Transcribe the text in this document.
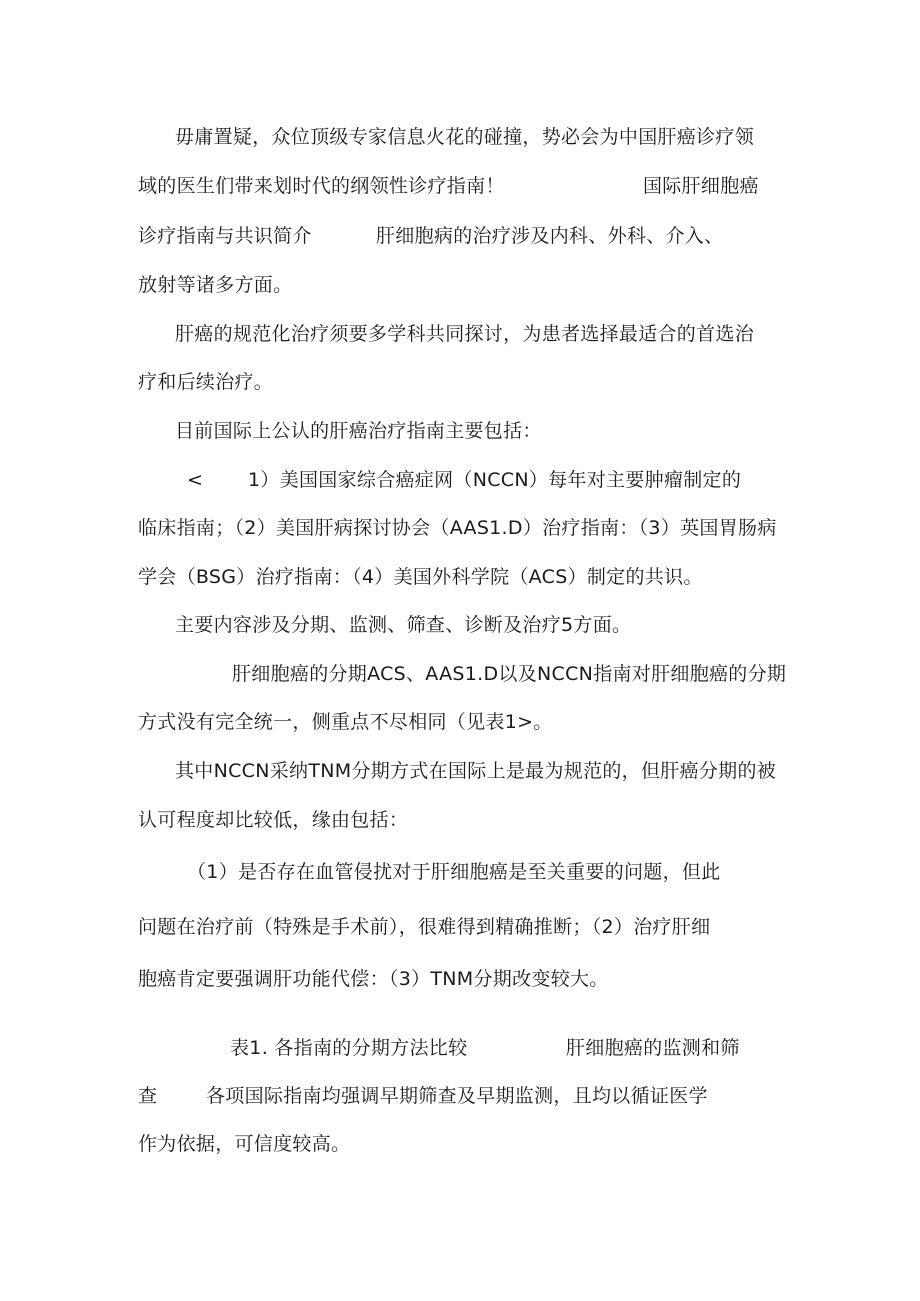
毋庸置疑，众位顶级专家信息火花的碰撞，势必会为中国肝癌诊疗领
域的医生们带来划时代的纲领性诊疗指南！	国际肝细胞癌
诊疗指南与共识简介	肝细胞病的治疗涉及内科、外科、介入、
放射等诸多方面。
肝癌的规范化治疗须要多学科共同探讨，为患者选择最适合的首选治
疗和后续治疗。
目前国际上公认的肝癌治疗指南主要包括：
< 1）美国国家综合癌症网（NCCN）每年对主要肿瘤制定的
临床指南；（2）美国肝病探讨协会（AAS1.D）治疗指南：（3）英国胃肠病
学会（BSG）治疗指南：（4）美国外科学院（ACS）制定的共识。
主要内容涉及分期、监测、筛查、诊断及治疗5方面。
肝细胞癌的分期ACS、AAS1.D以及NCCN指南对肝细胞癌的分期
方式没有完全统一，侧重点不尽相同（见表1>。
其中NCCN采纳TNM分期方式在国际上是最为规范的，但肝癌分期的被
认可程度却比较低，缘由包括：
（1）是否存在血管侵扰对于肝细胞癌是至关重要的问题，但此
问题在治疗前（特殊是手术前），很难得到精确推断；（2）治疗肝细
胞癌肯定要强调肝功能代偿：（3）TNM分期改变较大。
表1. 各指南的分期方法比较	肝细胞癌的监测和筛
查	各项国际指南均强调早期筛查及早期监测，且均以循证医学
作为依据，可信度较高。
